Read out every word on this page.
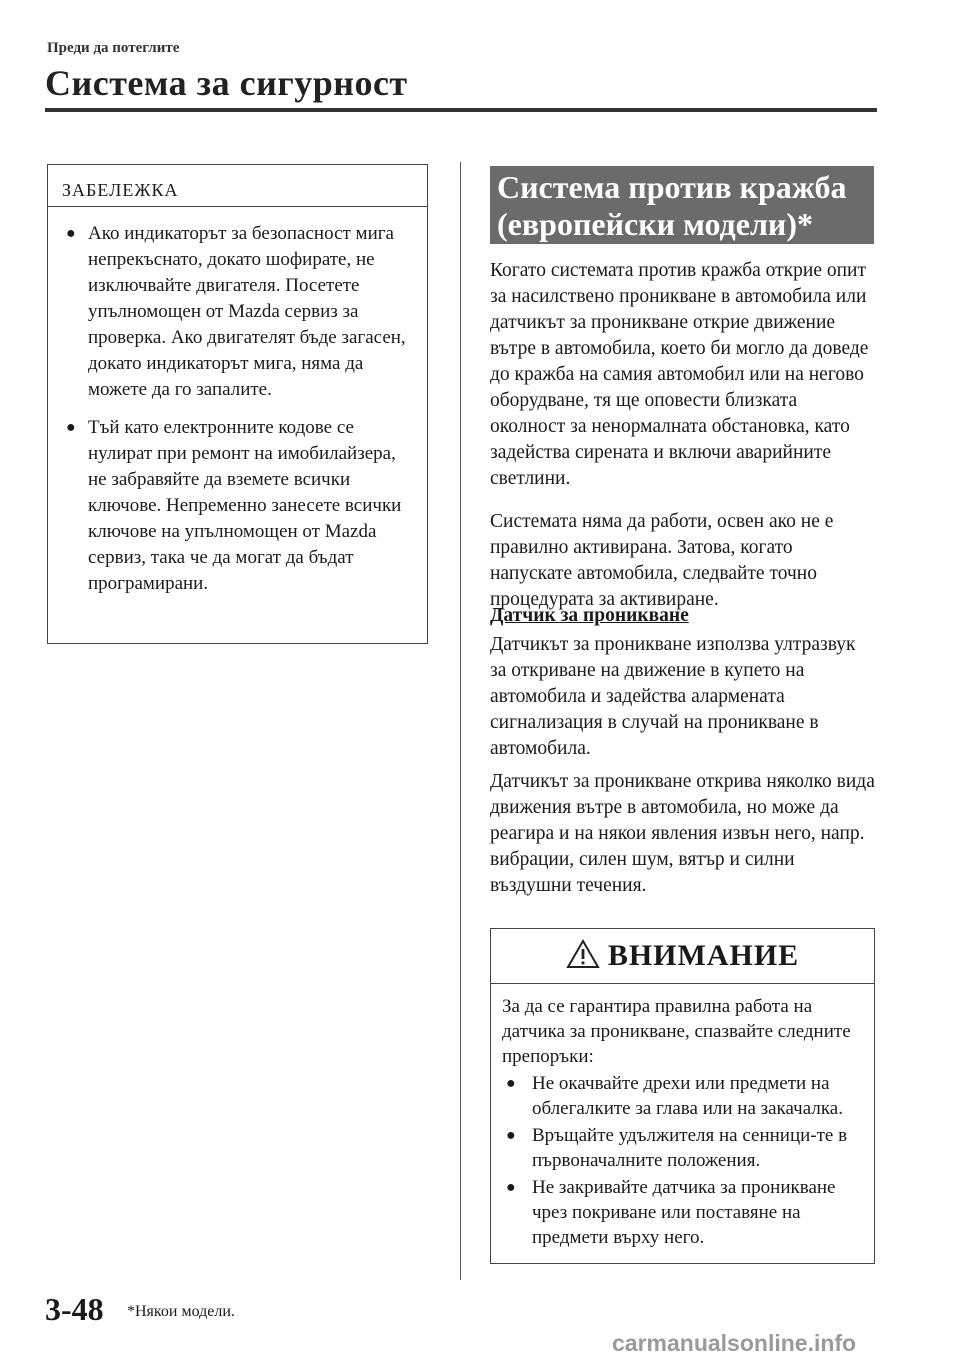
Преди да потеглите
Система за сигурност
ЗАБЕЛЕЖКА
● Ако индикаторът за безопасност мига непрекъснато, докато шофирате, не изключвайте двигателя. Посетете упълномощен от Mazda сервиз за проверка. Ако двигателят бъде загасен, докато индикаторът мига, няма да можете да го запалите.
● Тъй като електронните кодове се нулират при ремонт на имобилайзера, не забравяйте да вземете всички ключове. Непременно занесете всички ключове на упълномощен от Mazda сервиз, така че да могат да бъдат програмирани.
Система против кражба
(европейски модели)*

Когато системата против кражба открие опит за насилствено проникване в автомобила или датчикът за проникване открие движение вътре в автомобила, което би могло да доведе до кражба на самия автомобил или на негово оборудване, тя ще оповести близката околност за ненормалната обстановка, като задейства сирената и включи аварийните светлини.

Системата няма да работи, освен ако не е правилно активирана. Затова, когато напускате автомобила, следвайте точно процедурата за активиране.

Датчик за проникване

Датчикът за проникване използва ултразвук за откриване на движение в купето на автомобила и задейства алармената сигнализация в случай на проникване в автомобила.

Датчикът за проникване открива няколко вида движения вътре в автомобила, но може да реагира и на някои явления извън него, напр. вибрации, силен шум, вятър и силни въздушни течения.

ВНИМАНИЕ
За да се гарантира правилна работа на датчика за проникване, спазвайте следните препоръки:
● Не окачвайте дрехи или предмети на облегалките за глава или на закачалка.
● Връщайте удължителя на сенници-те в първоначалните положения.
● Не закривайте датчика за проникване чрез покриване или поставяне на предмети върху него.
3-48 *Някои модели.
carmanualsonline.info
